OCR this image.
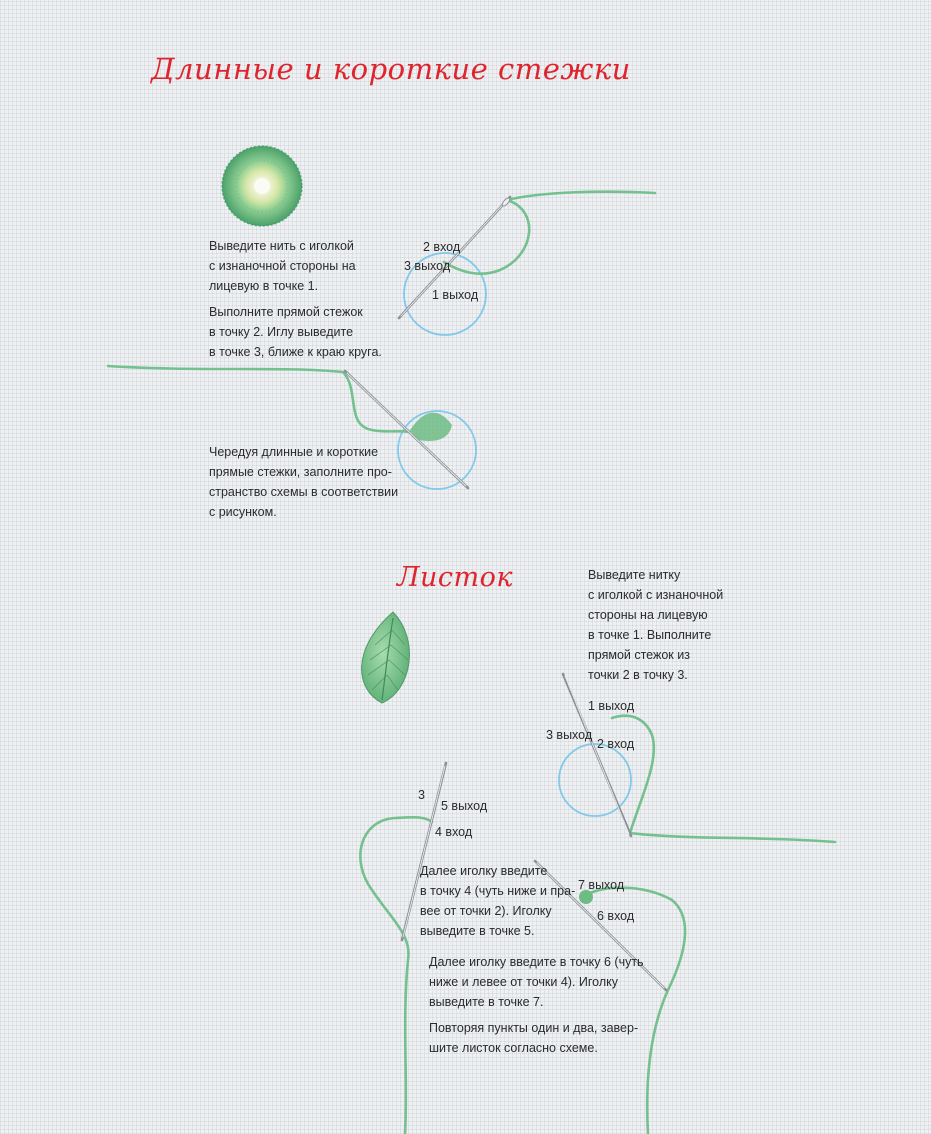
Длинные и короткие стежки
Выведите нить с иголкой
с изнаночной стороны на
лицевую в точке 1.
Выполните прямой стежок
в точку 2. Иглу выведите
в точке 3, ближе к краю круга.
Чередуя длинные и короткие
прямые стежки, заполните про-
странство схемы в соответствии
с рисунком.
2 вход
3 выход
1 выход
Листок	Выведите нитку
с иголкой с изнаночной
стороны на лицевую
в точке 1. Выполните
прямой стежок из
точки 2 в точку 3.
1 выход
3 выход
2 вход
3
5 выход
4 вход
Далее иголку введите
в точку 4 (чуть ниже и пра-
вее от точки 2). Иголку
выведите в точке 5.
7 выход
6 вход
Далее иголку введите в точку 6 (чуть
ниже и левее от точки 4). Иголку
выведите в точке 7.
Повторяя пункты один и два, завер-
шите листок согласно схеме.
